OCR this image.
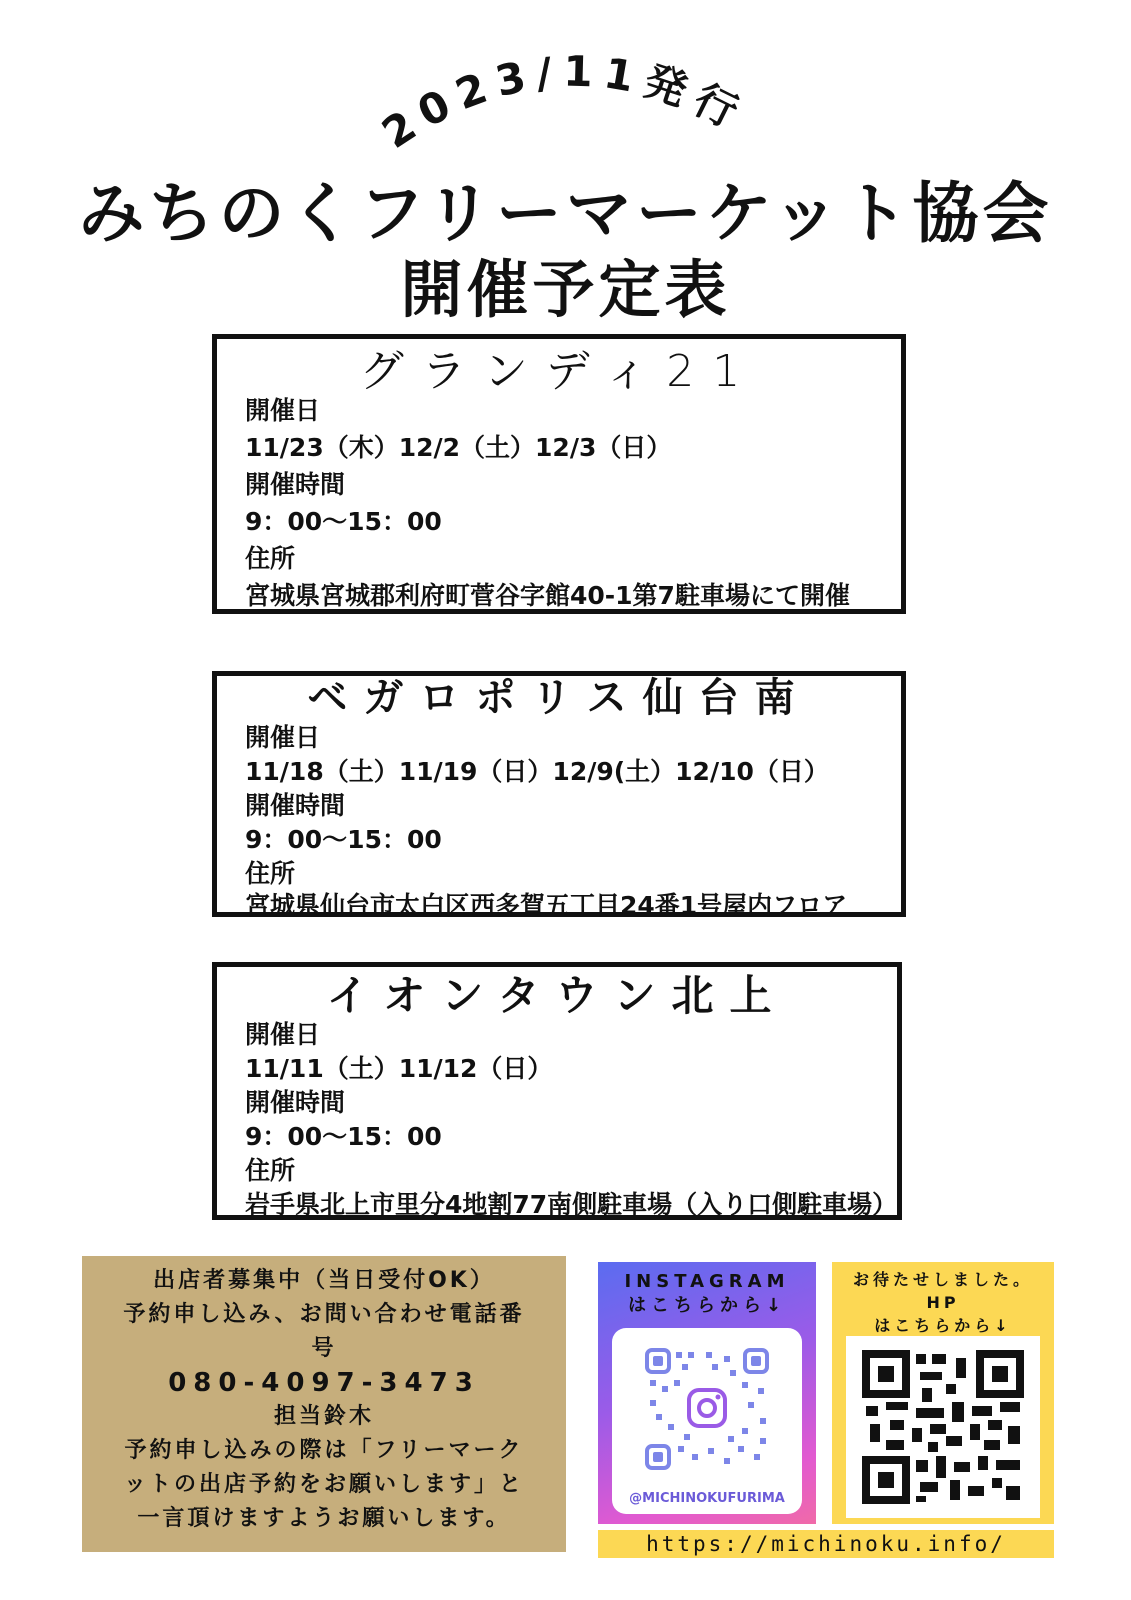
2023/11発行
みちのくフリーマーケット協会
開催予定表
グランディ21
開催日
11/23（木）12/2（土）12/3（日）
開催時間
9：00〜15：00
住所
宮城県宮城郡利府町菅谷字館40-1第7駐車場にて開催
ベガロポリス仙台南
開催日
11/18（土）11/19（日）12/9(土）12/10（日）
開催時間
9：00〜15：00
住所
宮城県仙台市太白区西多賀五丁目24番1号屋内フロア
イオンタウン北上
開催日
11/11（土）11/12（日）
開催時間
9：00〜15：00
住所
岩手県北上市里分4地割77南側駐車場（入り口側駐車場）
出店者募集中（当日受付OK）
予約申し込み、お問い合わせ電話番
号
080-4097-3473
担当鈴木
予約申し込みの際は「フリーマーク
ットの出店予約をお願いします」と
一言頂けますようお願いします。
INSTAGRAM
はこちらから↓
@MICHINOKUFURIMA
お待たせしました。
HP
はこちらから↓
https://michinoku.info/
